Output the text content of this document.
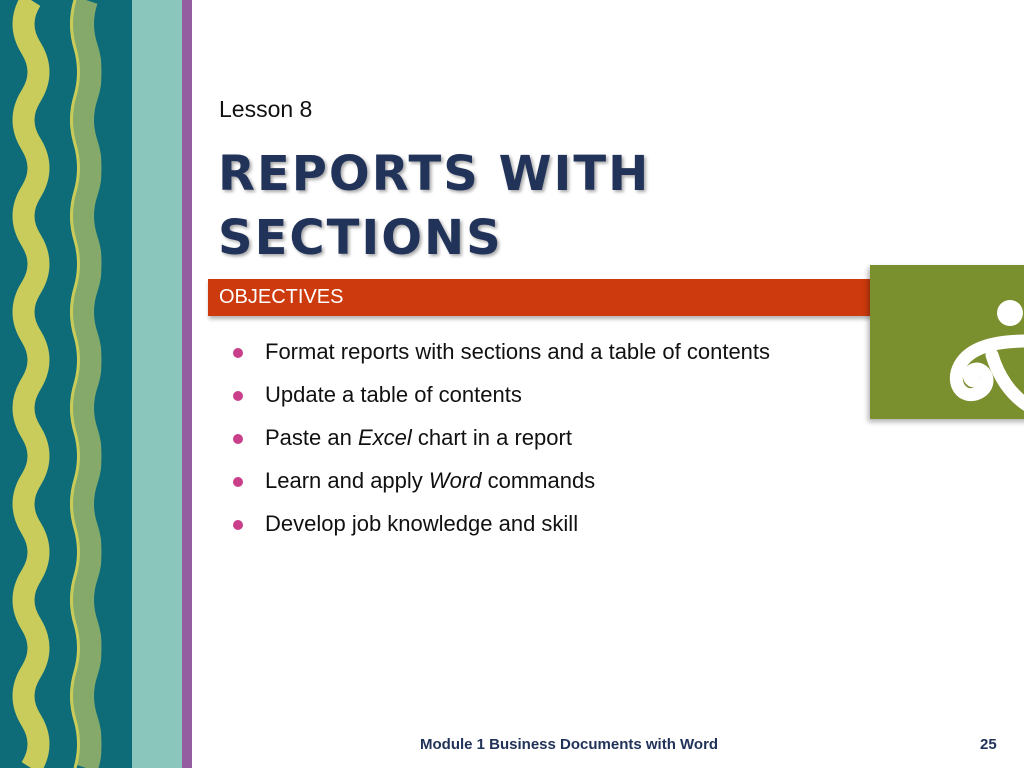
Lesson 8
REPORTS WITH
SECTIONS
OBJECTIVES
Format reports with sections and a table of contents
Update a table of contents
Paste an Excel chart in a report
Learn and apply Word commands
Develop job knowledge and skill
Module 1 Business Documents with Word	25
